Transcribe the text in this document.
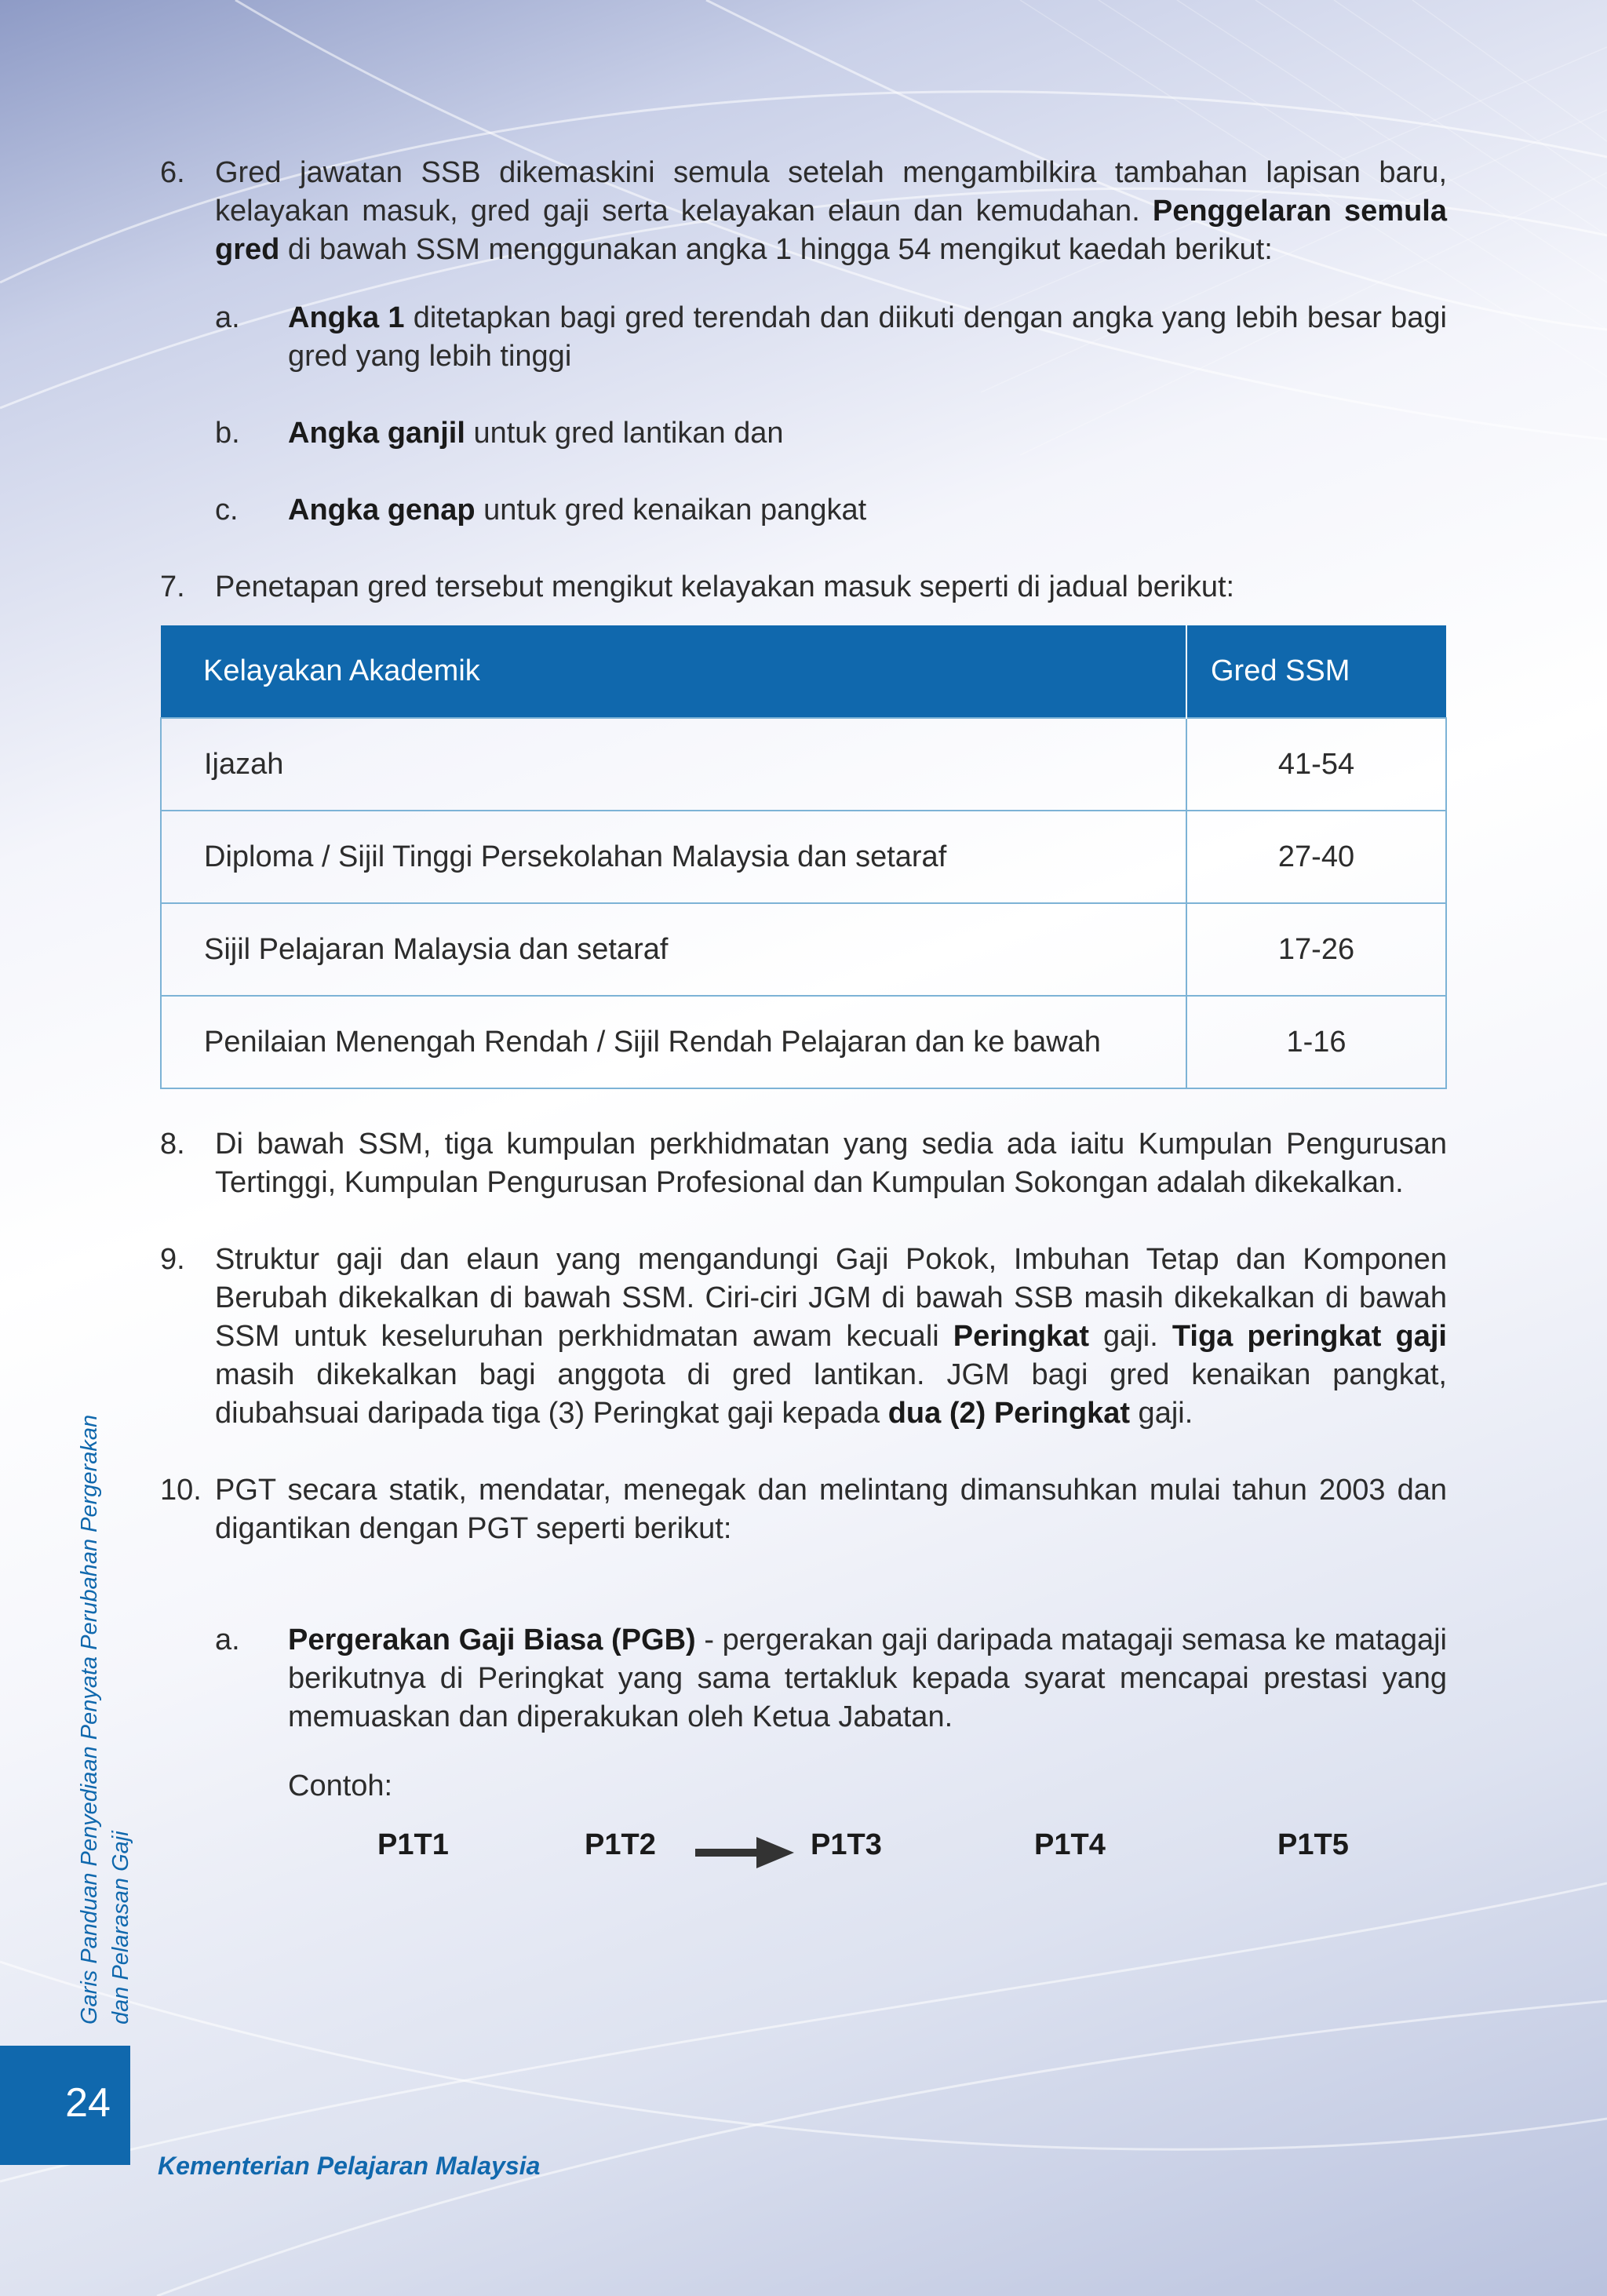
6.	Gred jawatan SSB dikemaskini semula setelah mengambilkira tambahan lapisan baru, kelayakan masuk, gred gaji serta kelayakan elaun dan kemudahan. Penggelaran semula gred di bawah SSM menggunakan angka 1 hingga 54 mengikut kaedah berikut:
a.	Angka 1 ditetapkan bagi gred terendah dan diikuti dengan angka yang lebih besar bagi gred yang lebih tinggi
b.	Angka ganjil untuk gred lantikan dan
c.	Angka genap untuk gred kenaikan pangkat
7.	Penetapan gred tersebut mengikut kelayakan masuk seperti di jadual berikut:
Kelayakan Akademik	Gred SSM
Ijazah	41-54
Diploma / Sijil Tinggi Persekolahan Malaysia dan setaraf	27-40
Sijil Pelajaran Malaysia dan setaraf	17-26
Penilaian Menengah Rendah / Sijil Rendah Pelajaran dan ke bawah	1-16
8.	Di bawah SSM, tiga kumpulan perkhidmatan yang sedia ada iaitu Kumpulan Pengurusan Tertinggi, Kumpulan Pengurusan Profesional dan Kumpulan Sokongan adalah dikekalkan.
9.	Struktur gaji dan elaun yang mengandungi Gaji Pokok, Imbuhan Tetap dan Komponen Berubah dikekalkan di bawah SSM. Ciri-ciri JGM di bawah SSB masih dikekalkan di bawah SSM untuk keseluruhan perkhidmatan awam kecuali Peringkat gaji. Tiga peringkat gaji masih dikekalkan bagi anggota di gred lantikan. JGM bagi gred kenaikan pangkat, diubahsuai daripada tiga (3) Peringkat gaji kepada dua (2) Peringkat gaji.
10. PGT secara statik, mendatar, menegak dan melintang dimansuhkan mulai tahun 2003 dan digantikan dengan PGT seperti berikut:
a.	Pergerakan Gaji Biasa (PGB) - pergerakan gaji daripada matagaji semasa ke matagaji berikutnya di Peringkat yang sama tertakluk kepada syarat mencapai prestasi yang memuaskan dan diperakukan oleh Ketua Jabatan.
Contoh:
P1T1	P1T2	P1T3	P1T4	P1T5
Garis Panduan Penyediaan Penyata Perubahan Pergerakan dan Pelarasan Gaji
24
Kementerian Pelajaran Malaysia
